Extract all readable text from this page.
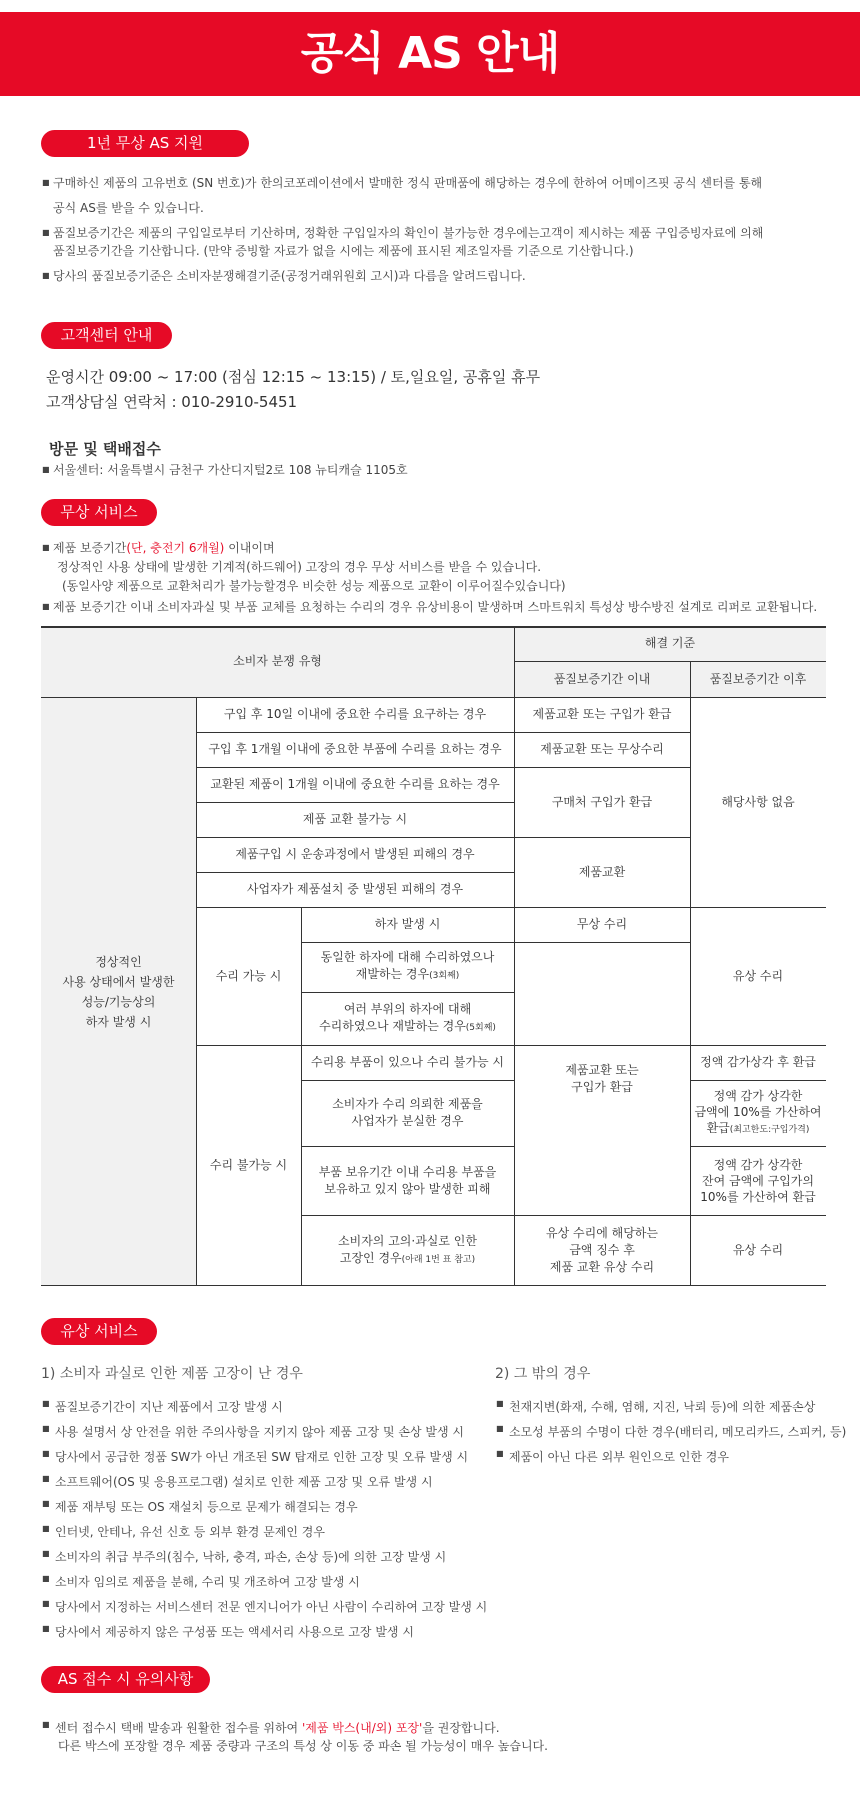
공식 AS 안내
1년 무상 AS 지원
■ 구매하신 제품의 고유번호 (SN 번호)가 한의코포레이션에서 발매한 정식 판매품에 해당하는 경우에 한하여 어메이즈핏 공식 센터를 통해
공식 AS를 받을 수 있습니다.
■ 품질보증기간은 제품의 구입일로부터 기산하며, 정확한 구입일자의 확인이 불가능한 경우에는고객이 제시하는 제품 구입증빙자료에 의해
품질보증기간을 기산합니다. (만약 증빙할 자료가 없을 시에는 제품에 표시된 제조일자를 기준으로 기산합니다.)
■ 당사의 품질보증기준은 소비자분쟁해결기준(공정거래위원회 고시)과 다름을 알려드립니다.
고객센터 안내
운영시간 09:00 ~ 17:00 (점심 12:15 ~ 13:15) / 토,일요일, 공휴일 휴무
고객상담실 연락처 : 010-2910-5451
방문 및 택배접수
■ 서울센터: 서울특별시 금천구 가산디지털2로 108 뉴티캐슬 1105호
무상 서비스
■ 제품 보증기간(단, 충전기 6개월) 이내이며
정상적인 사용 상태에 발생한 기계적(하드웨어) 고장의 경우 무상 서비스를 받을 수 있습니다.
(동일사양 제품으로 교환처리가 불가능할경우 비슷한 성능 제품으로 교환이 이루어질수있습니다)
■ 제품 보증기간 이내 소비자과실 및 부품 교체를 요청하는 수리의 경우 유상비용이 발생하며 스마트워치 특성상 방수방진 설계로 리퍼로 교환됩니다.
소비자 분쟁 유형
해결 기준
품질보증기간 이내	품질보증기간 이후
정상적인
사용 상태에서 발생한
성능/기능상의
하자 발생 시
구입 후 10일 이내에 중요한 수리를 요구하는 경우
구입 후 1개월 이내에 중요한 부품에 수리를 요하는 경우
교환된 제품이 1개월 이내에 중요한 수리를 요하는 경우
제품 교환 불가능 시
제품구입 시 운송과정에서 발생된 피해의 경우
사업자가 제품설치 중 발생된 피해의 경우
제품교환 또는 구입가 환급
제품교환 또는 무상수리
구매처 구입가 환급
제품교환
해당사항 없음
수리 가능 시
하자 발생 시
동일한 하자에 대해 수리하였으나
재발하는 경우(3회째)
여러 부위의 하자에 대해
수리하였으나 재발하는 경우(5회째)
무상 수리
제품교환 또는
구입가 환급
유상 수리
수리 불가능 시
수리용 부품이 있으나 수리 불가능 시
소비자가 수리 의뢰한 제품을
사업자가 분실한 경우
부품 보유기간 이내 수리용 부품을
보유하고 있지 않아 발생한 피해
소비자의 고의·과실로 인한
고장인 경우(아래 1번 표 참고)
유상 수리에 해당하는
금액 징수 후
제품 교환 유상 수리
정액 감가상각 후 환급
정액 감가 상각한
금액에 10%를 가산하여
환급(최고한도:구입가격)
정액 감가 상각한
잔여 금액에 구입가의
10%를 가산하여 환급
유상 수리
유상 서비스
1) 소비자 과실로 인한 제품 고장이 난 경우	2) 그 밖의 경우
■ 품질보증기간이 지난 제품에서 고장 발생 시
■ 사용 설명서 상 안전을 위한 주의사항을 지키지 않아 제품 고장 및 손상 발생 시
■ 당사에서 공급한 정품 SW가 아닌 개조된 SW 탑재로 인한 고장 및 오류 발생 시
■ 소프트웨어(OS 및 응용프로그램) 설치로 인한 제품 고장 및 오류 발생 시
■ 제품 재부팅 또는 OS 재설치 등으로 문제가 해결되는 경우
■ 인터넷, 안테나, 유선 신호 등 외부 환경 문제인 경우
■ 소비자의 취급 부주의(침수, 낙하, 충격, 파손, 손상 등)에 의한 고장 발생 시
■ 소비자 임의로 제품을 분해, 수리 및 개조하여 고장 발생 시
■ 당사에서 지정하는 서비스센터 전문 엔지니어가 아닌 사람이 수리하여 고장 발생 시
■ 당사에서 제공하지 않은 구성품 또는 액세서리 사용으로 고장 발생 시
■ 천재지변(화재, 수해, 염해, 지진, 낙뢰 등)에 의한 제품손상
■ 소모성 부품의 수명이 다한 경우(배터리, 메모리카드, 스피커, 등)
■ 제품이 아닌 다른 외부 원인으로 인한 경우
AS 접수 시 유의사항
■ 센터 접수시 택배 발송과 원활한 접수를 위하여 '제품 박스(내/외) 포장'을 권장합니다.
다른 박스에 포장할 경우 제품 중량과 구조의 특성 상 이동 중 파손 될 가능성이 매우 높습니다.
